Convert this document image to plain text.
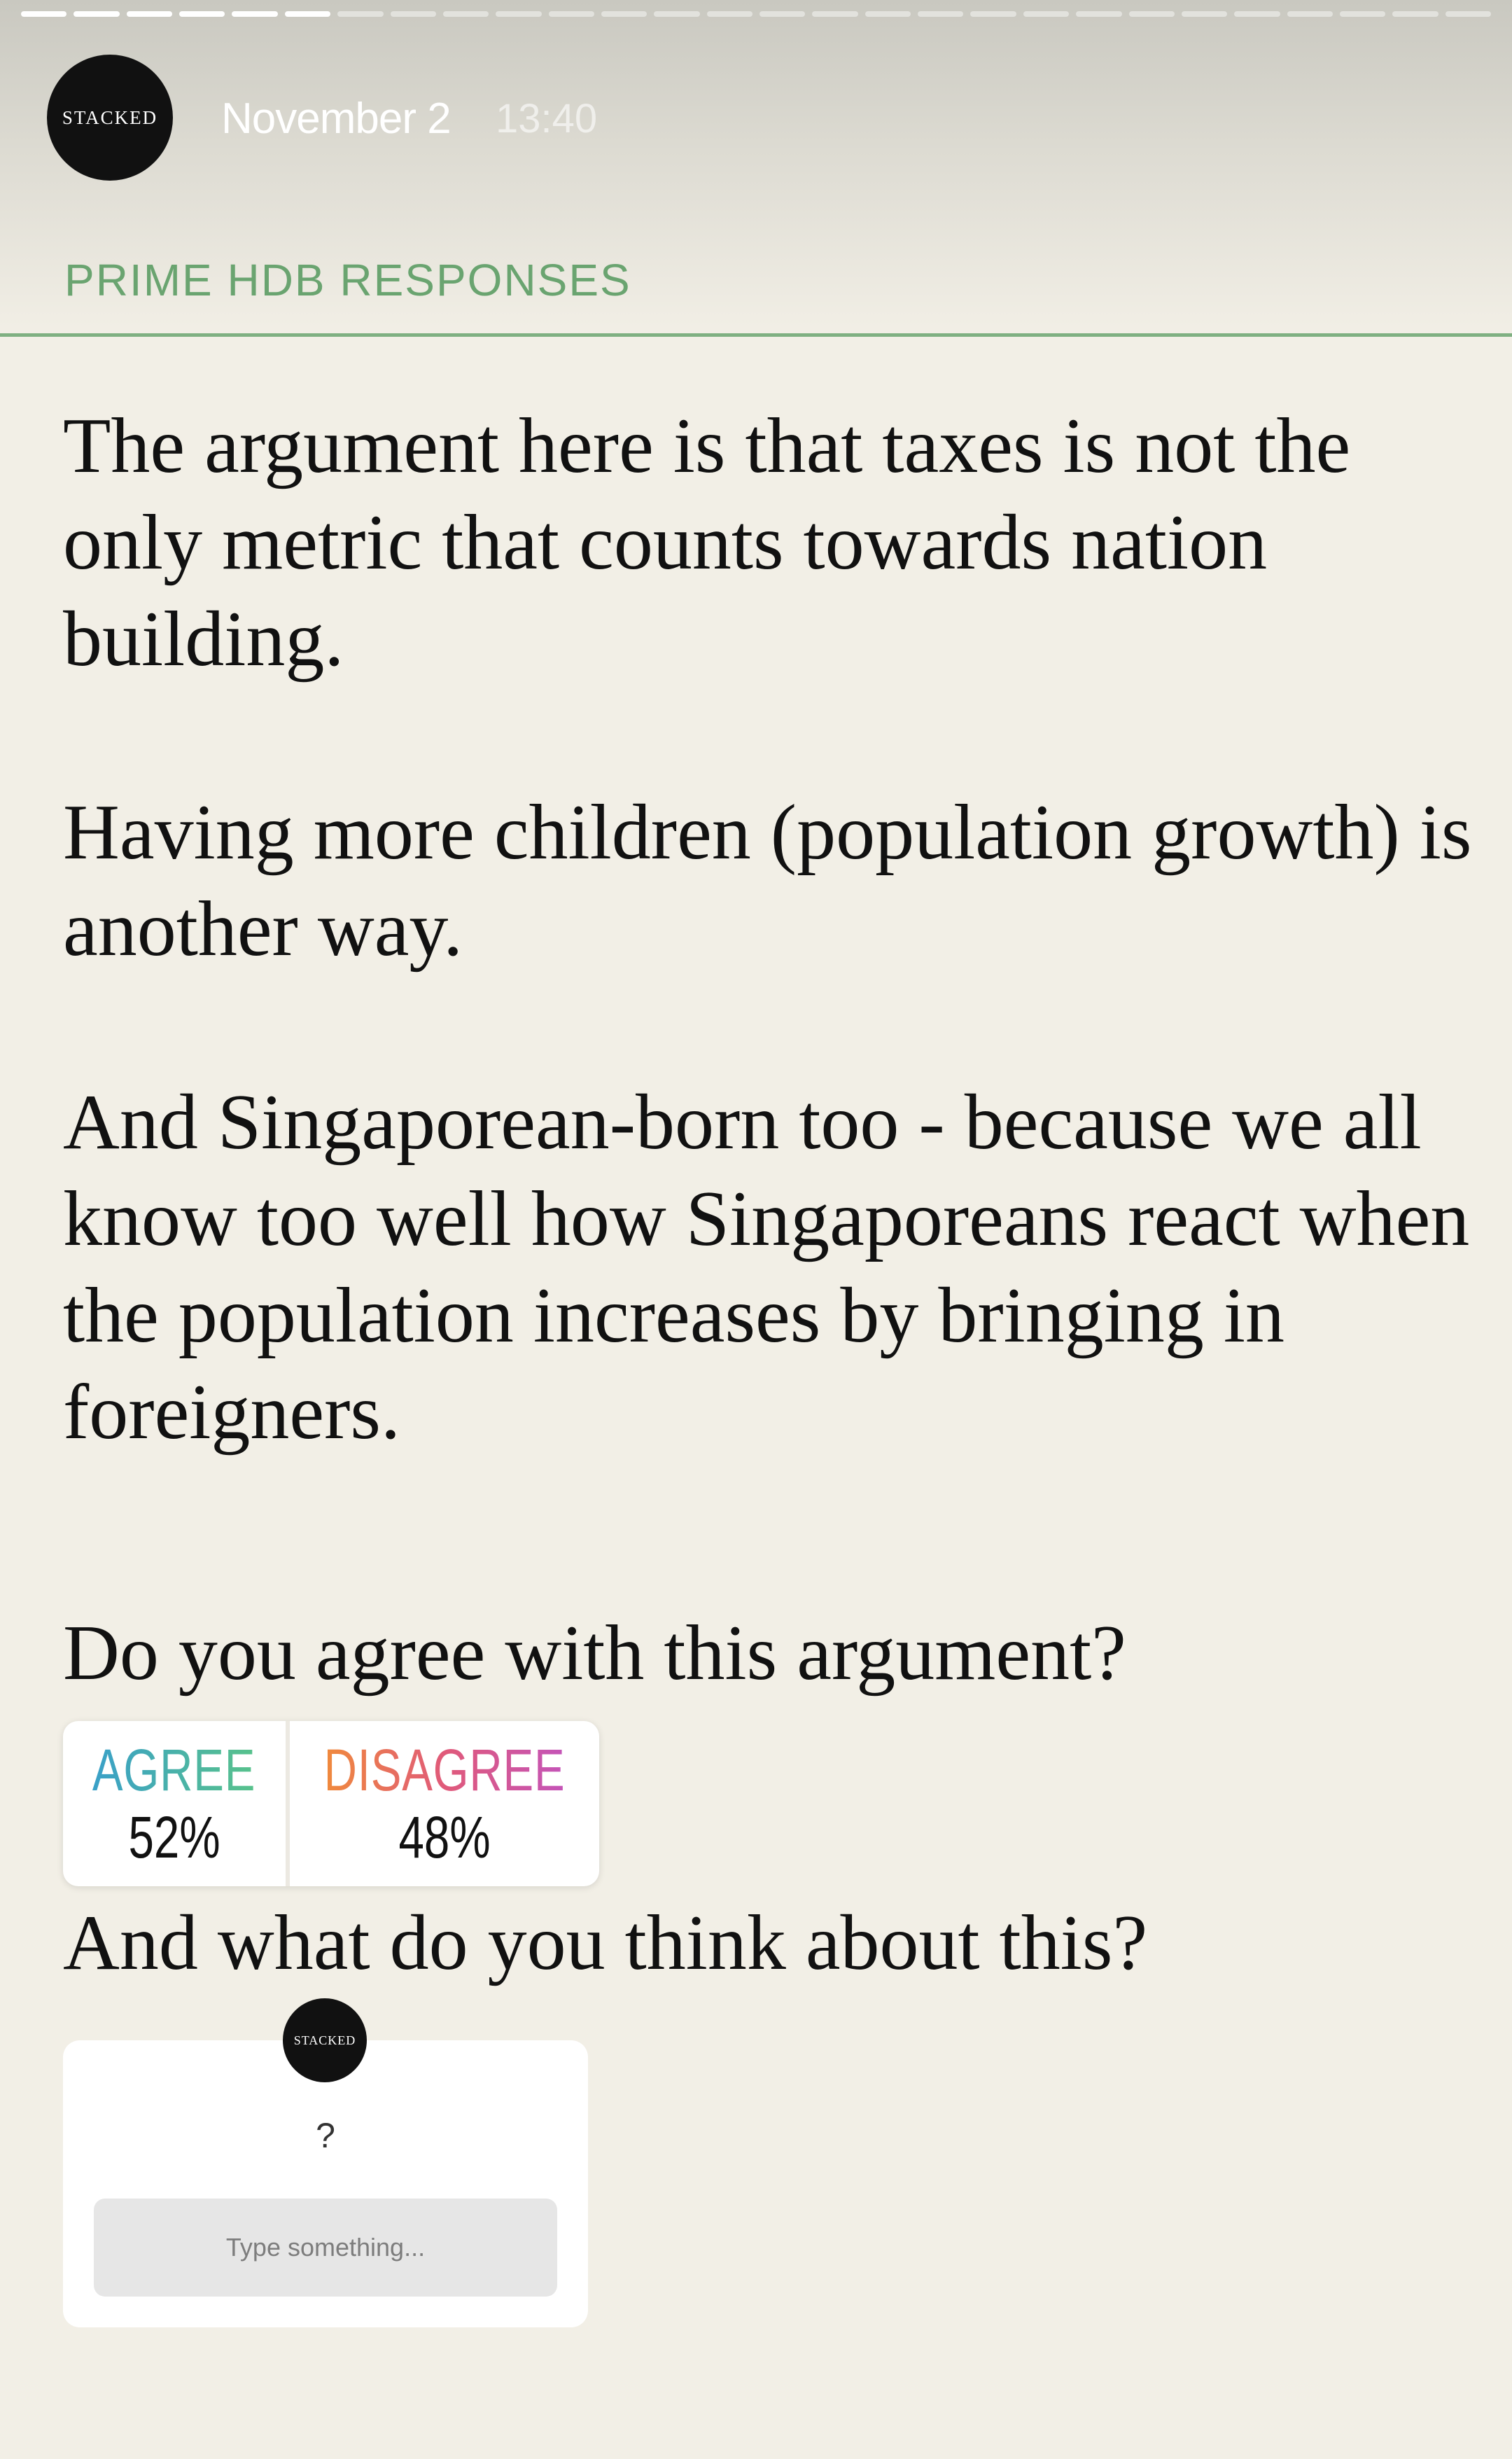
STACKED November 2 13:40
PRIME HDB RESPONSES

The argument here is that taxes is not the only metric that counts towards nation building.

Having more children (population growth) is another way.

And Singaporean-born too - because we all know too well how Singaporeans react when the population increases by bringing in foreigners.

Do you agree with this argument?

AGREE
52%
DISAGREE
48%

And what do you think about this?

STACKED
?
Type something...
